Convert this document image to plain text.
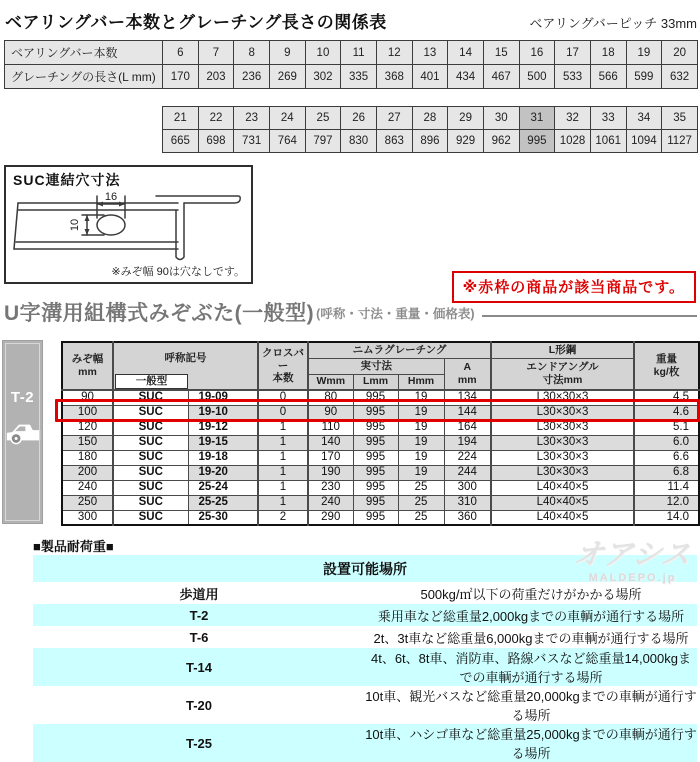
ベアリングバー本数とグレーチング長さの関係表	ベアリングバーピッチ 33mm
ベアリングバー本数	6	7	8	9	10	11	12	13	14	15	16	17	18	19	20
グレーチングの長さ(L mm)	170	203	236	269	302	335	368	401	434	467	500	533	566	599	632
21	22	23	24	25	26	27	28	29	30	31	32	33	34	35
665	698	731	764	797	830	863	896	929	962	995	1028	1061	1094	1127
SUC連結穴寸法
16
10
※みぞ幅 90は穴なしです。
※赤枠の商品が該当商品です。
U字溝用組構式みぞぶた(一般型) (呼称・寸法・重量・価格表)
T-2
みぞ幅
mm	呼称記号		クロスバー
本数	ニムラグレーチング				L形鋼	重量
kg/枚
				実寸法			A
mm	エンドアングル
寸法mm	

一般型			Wmm	Lmm	Hmm			
90	SUC	19-09	0	80	995	19	134	L30×30×3	4.5
100	SUC	19-10	0	90	995	19	144	L30×30×3	4.6
120	SUC	19-12	1	110	995	19	164	L30×30×3	5.1
150	SUC	19-15	1	140	995	19	194	L30×30×3	6.0
180	SUC	19-18	1	170	995	19	224	L30×30×3	6.6
200	SUC	19-20	1	190	995	19	244	L30×30×3	6.8
240	SUC	25-24	1	230	995	25	300	L40×40×5	11.4
250	SUC	25-25	1	240	995	25	310	L40×40×5	12.0
300	SUC	25-30	2	290	995	25	360	L40×40×5	14.0
■製品耐荷重■
設置可能場所	
歩道用	500kg/㎡以下の荷重だけがかかる場所
T-2	乗用車など総重量2,000kgまでの車輌が通行する場所
T-6	2t、3t車など総重量6,000kgまでの車輌が通行する場所
T-14	4t、6t、8t車、消防車、路線バスなど総重量14,000kgまでの車輌が通行する場所
T-20	10t車、観光バスなど総重量20,000kgまでの車輌が通行する場所
T-25	10t車、ハシゴ車など総重量25,000kgまでの車輌が通行する場所
オアシス
MALDEPO.jp
